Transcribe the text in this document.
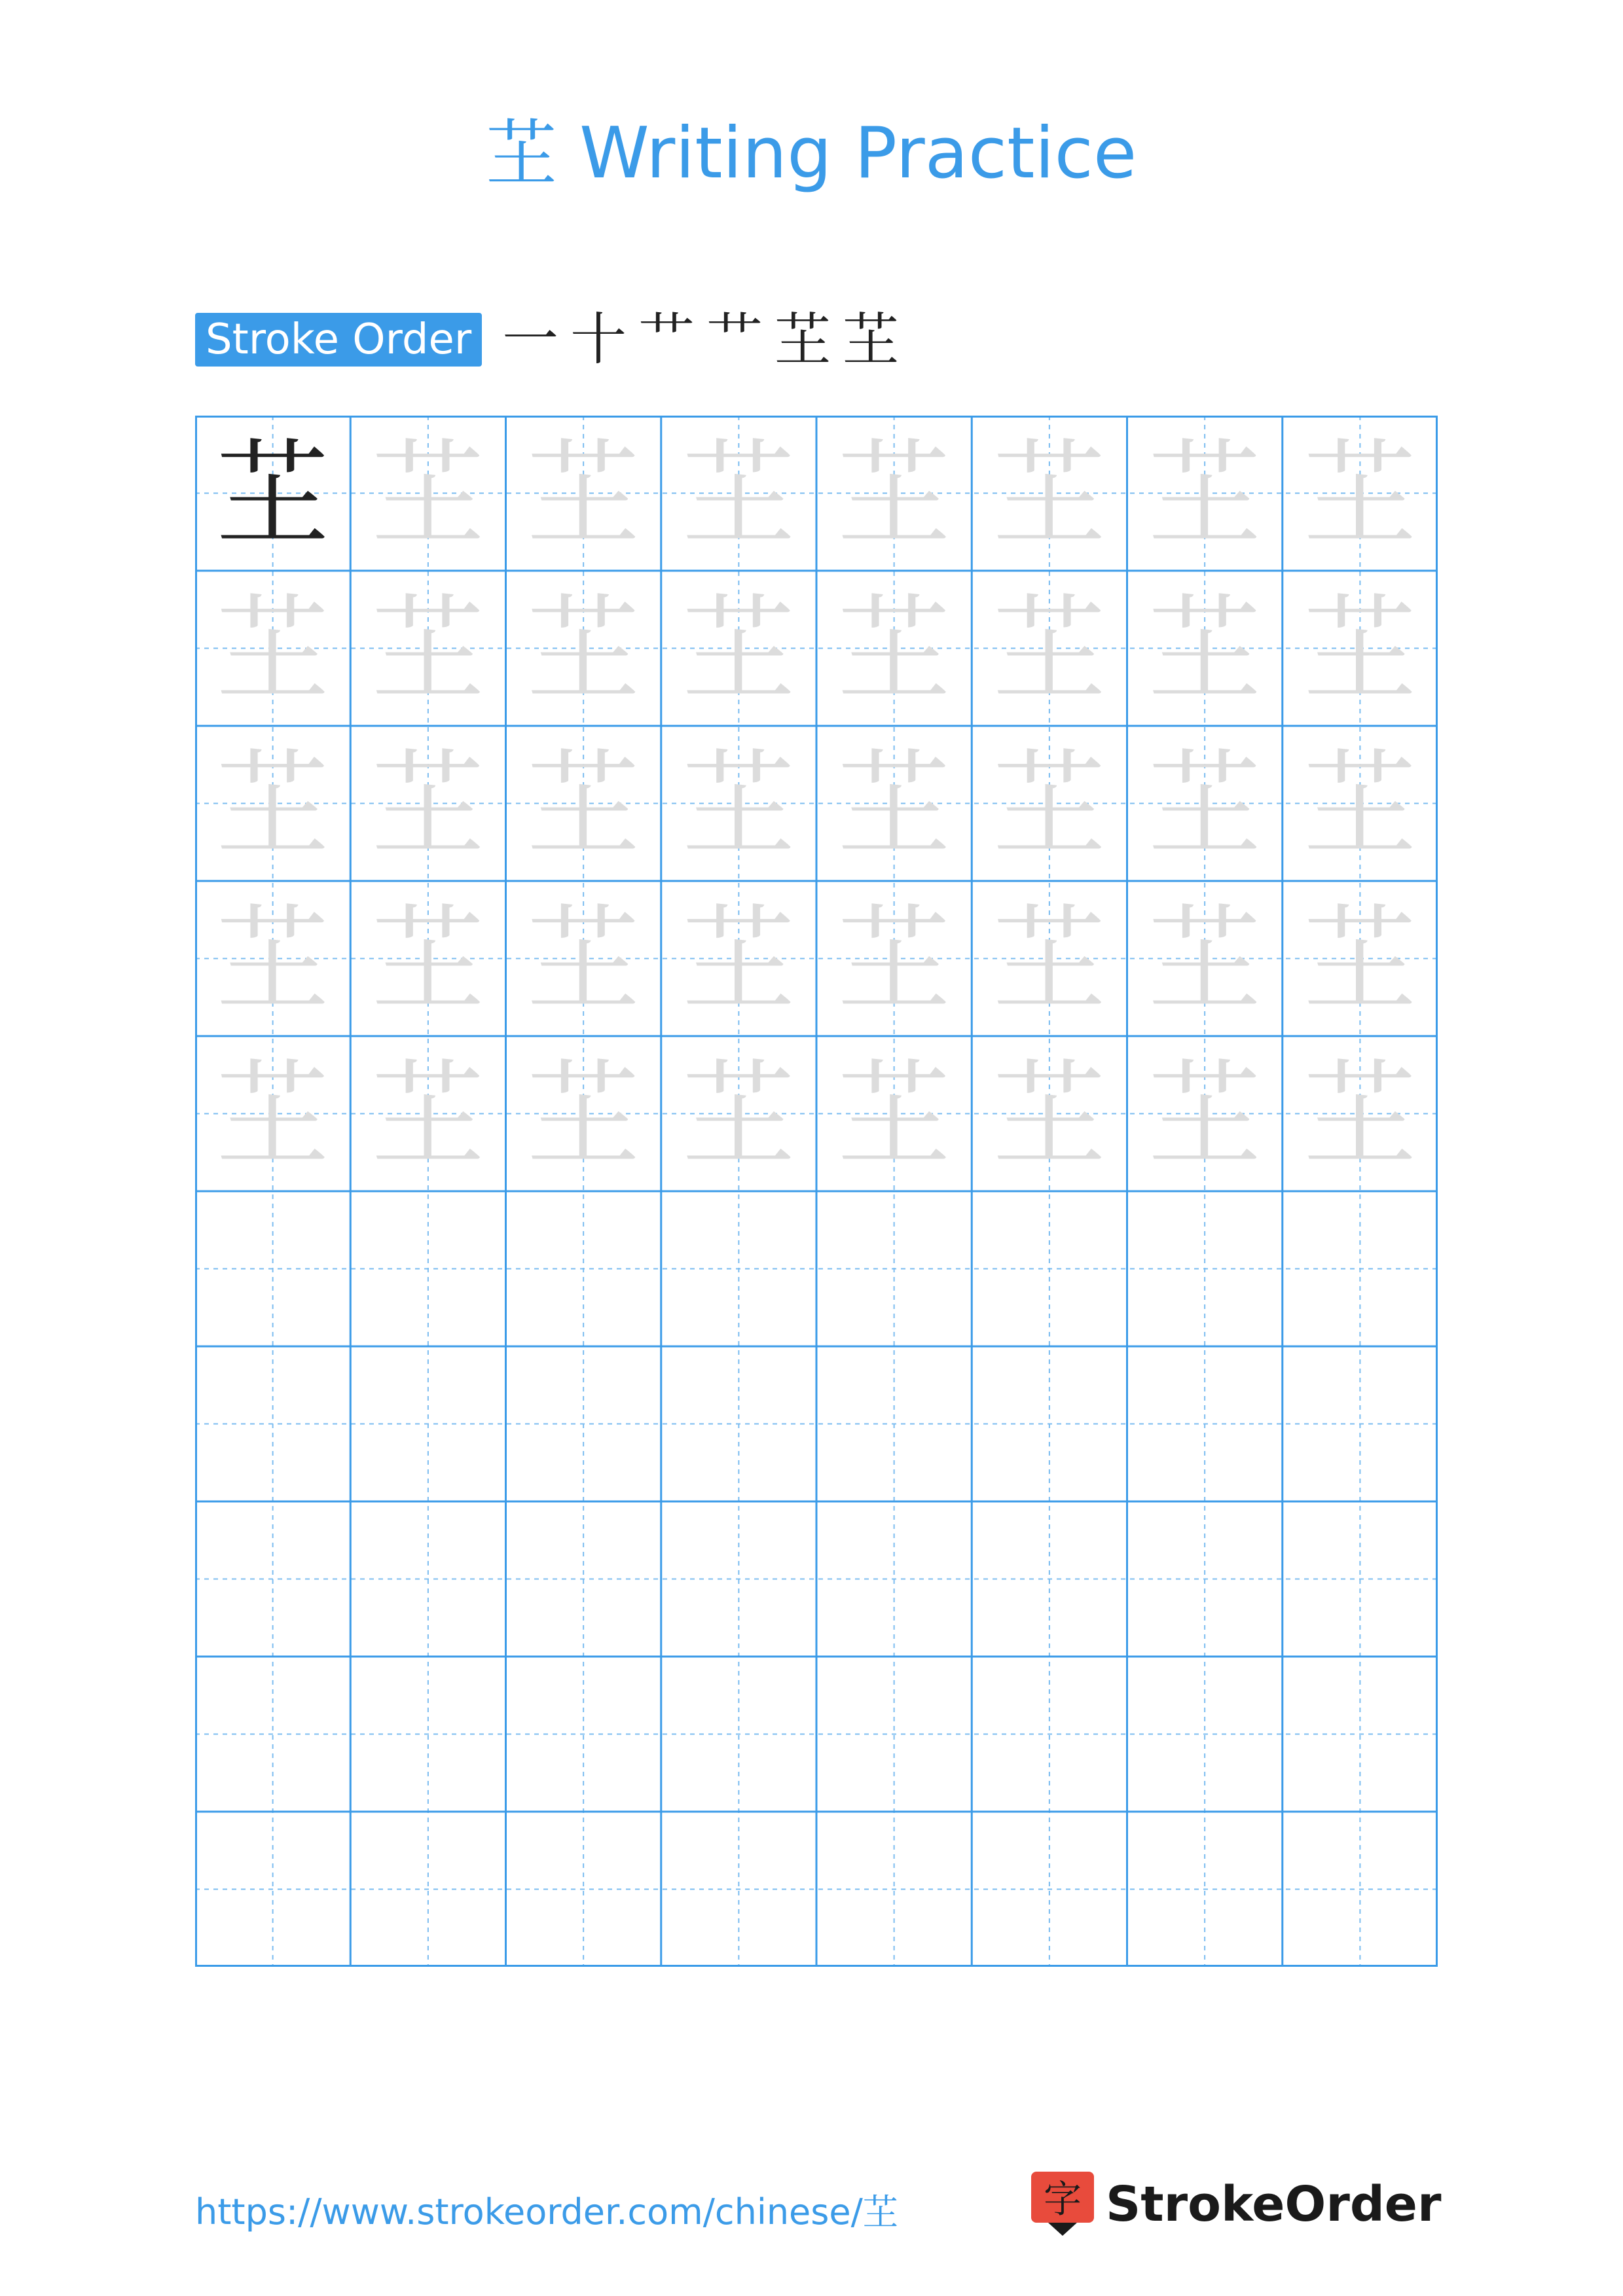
芏 Writing Practice
Stroke Order 一 十 艹 艹 芏 芏
芏 芏 芏 芏 芏 芏 芏 芏
芏 芏 芏 芏 芏 芏 芏 芏
芏 芏 芏 芏 芏 芏 芏 芏
芏 芏 芏 芏 芏 芏 芏 芏
芏 芏 芏 芏 芏 芏 芏 芏
https://www.strokeorder.com/chinese/芏	字 StrokeOrder
